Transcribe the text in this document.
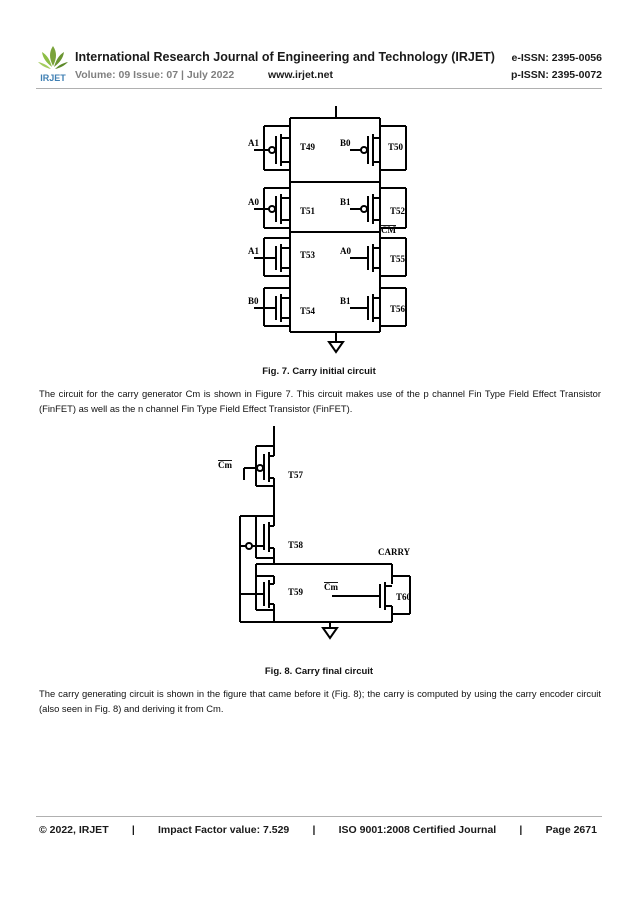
IRJET
International Research Journal of Engineering and Technology (IRJET) e-ISSN: 2395-0056
Volume: 09 Issue: 07 | July 2022	www.irjet.net	p-ISSN: 2395-0072
A1	T49	B0	T50
A0
T51
B1
T52
CM
A1	T53	A0
T55
B0
T54
B1
T56
Fig. 7. Carry initial circuit

The circuit for the carry generator Cm is shown in Figure 7. This circuit makes use of the p channel Fin Type Field Effect Transistor (FinFET) as well as the n channel Fin Type Field Effect Transistor (FinFET).

Cm
T57
T58
CARRY
T59 Cm
T60
Fig. 8. Carry final circuit

The carry generating circuit is shown in the figure that came before it (Fig. 8); the carry is computed by using the carry encoder circuit (also seen in Fig. 8) and deriving it from Cm.

© 2022, IRJET | Impact Factor value: 7.529 | ISO 9001:2008 Certified Journal | Page 2671
